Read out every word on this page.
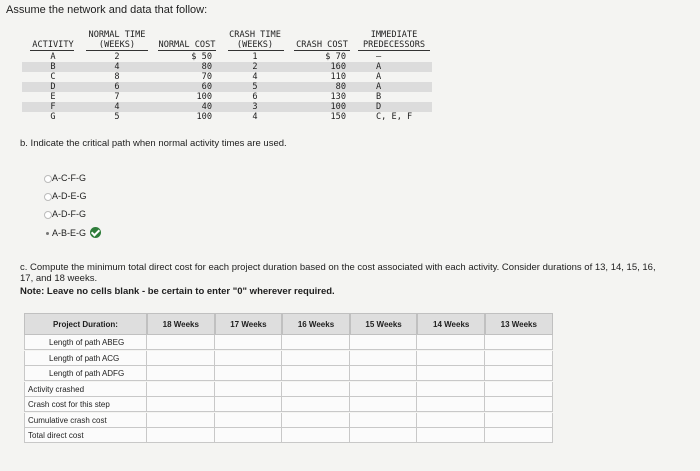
Assume the network and data that follow:
ACTIVITY
NORMAL TIME
(WEEKS)	NORMAL COST
CRASH TIME
(WEEKS)	CRASH COST
IMMEDIATE
PREDECESSORS
A	2	$ 50	1	$ 70	—
B	4	80	2	160	A
C	8	70	4	110	A
D	6	60	5	80	A
E	7	100	6	130	B
F	4	40	3	100	D
G	5	100	4	150	C, E, F
b. Indicate the critical path when normal activity times are used.
A-C-F-G
A-D-E-G
A-D-F-G
A-B-E-G
c. Compute the minimum total direct cost for each project duration based on the cost associated with each activity. Consider durations of 13, 14, 15, 16, 17, and 18 weeks.
Note: Leave no cells blank - be certain to enter "0" wherever required.
Project Duration:	18 Weeks	17 Weeks	16 Weeks	15 Weeks	14 Weeks	13 Weeks
Length of path ABEG
Length of path ACG
Length of path ADFG
Activity crashed
Crash cost for this step
Cumulative crash cost
Total direct cost
